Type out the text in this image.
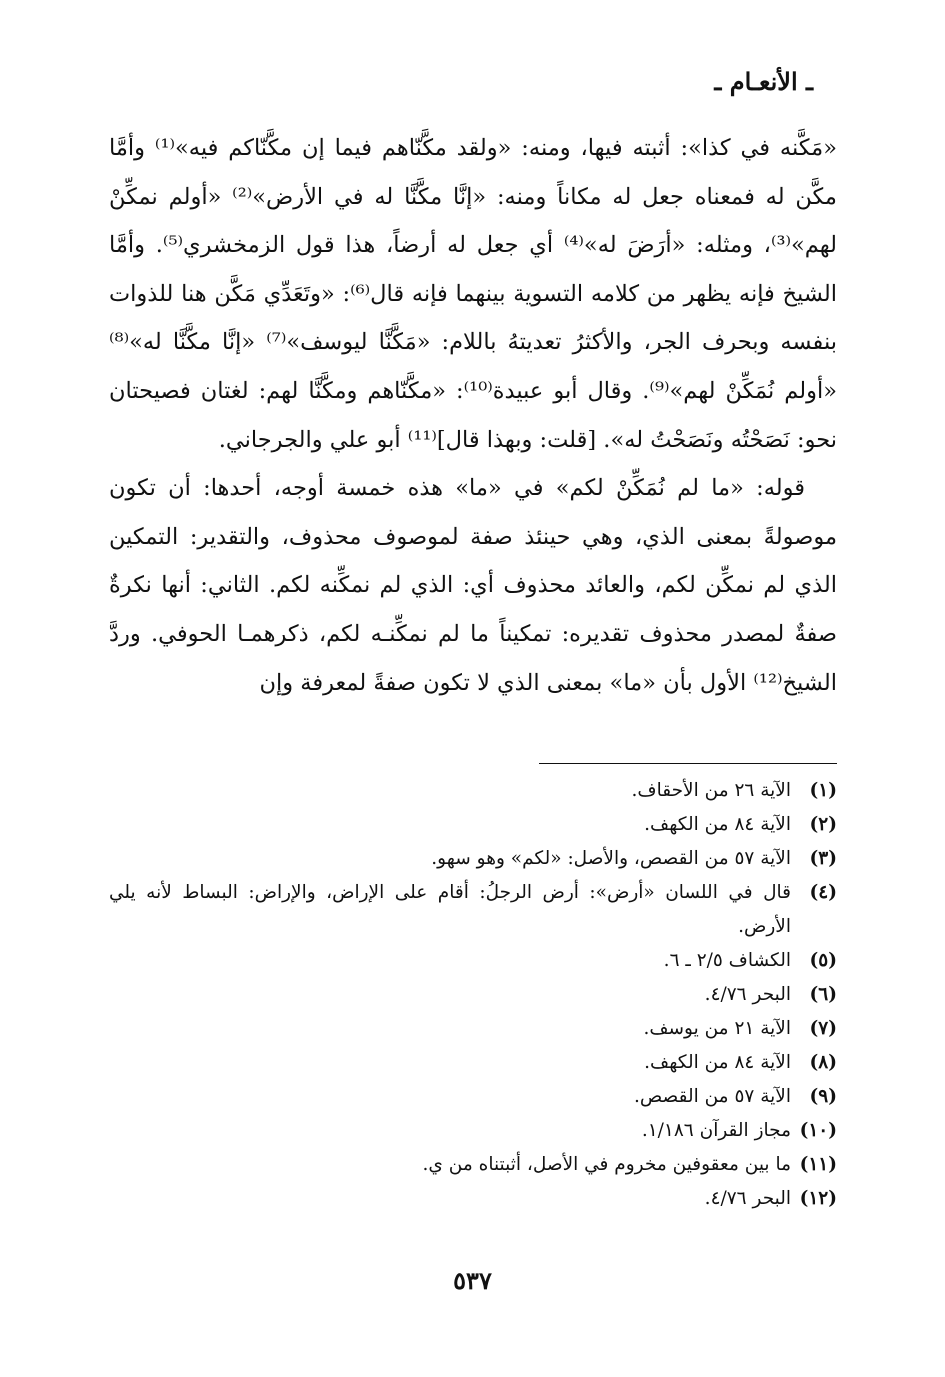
ـ الأنعـام ـ

«مَكَّنه في كذا»: أثبته فيها، ومنه: «ولقد مكَّنّاهم فيما إن مكَّنّاكم فيه»⁽¹⁾ وأمَّا مكَّن له فمعناه جعل له مكاناً ومنه: «إنَّا مكَّنَّا له في الأرض»⁽²⁾ «أولم نمكِّنْ لهم»⁽³⁾، ومثله: «أرَضَ له»⁽⁴⁾ أي جعل له أرضاً، هذا قول الزمخشري⁽⁵⁾. وأمَّا الشيخ فإنه يظهر من كلامه التسوية بينهما فإنه قال⁽⁶⁾: «وتَعَدِّي مَكَّن هنا للذوات بنفسه وبحرف الجر، والأكثرُ تعديتهُ باللام: «مَكَّنَّا ليوسف»⁽⁷⁾ «إنَّا مكَّنَّا له»⁽⁸⁾ «أولم نُمَكِّنْ لهم»⁽⁹⁾. وقال أبو عبيدة⁽¹⁰⁾: «مكَّنّاهم ومكَّنَّا لهم: لغتان فصيحتان نحو: نَصَحْتُه ونَصَحْتُ له». [قلت: وبهذا قال]⁽¹¹⁾ أبو علي والجرجاني.

قوله: «ما لم نُمَكِّنْ لكم» في «ما» هذه خمسة أوجه، أحدها: أن تكون موصولةً بمعنى الذي، وهي حينئذ صفة لموصوف محذوف، والتقدير: التمكين الذي لم نمكِّن لكم، والعائد محذوف أي: الذي لم نمكِّنه لكم. الثاني: أنها نكرةٌ صفةٌ لمصدر محذوف تقديره: تمكيناً ما لم نمكِّنـه لكم، ذكرهمـا الحوفي. وردَّ الشيخ⁽¹²⁾ الأول بأن «ما» بمعنى الذي لا تكون صفةً لمعرفة وإن

(١)
الآية ٢٦ من الأحقاف.
(٢)
الآية ٨٤ من الكهف.
(٣)
الآية ٥٧ من القصص، والأصل: «لكم» وهو سهو.
(٤)
قال في اللسان «أرض»: أرض الرجلُ: أقام على الإراض، والإراض: البساط لأنه يلي الأرض.
(٥)
الكشاف ٢/٥ ـ ٦.
(٦)
البحر ٤/٧٦.
(٧)
الآية ٢١ من يوسف.
(٨)
الآية ٨٤ من الكهف.
(٩)
الآية ٥٧ من القصص.
(١٠)
مجاز القرآن ١/١٨٦.
(١١)
ما بين معقوفين مخروم في الأصل، أثبتناه من ي.
(١٢)
البحر ٤/٧٦.
٥٣٧
